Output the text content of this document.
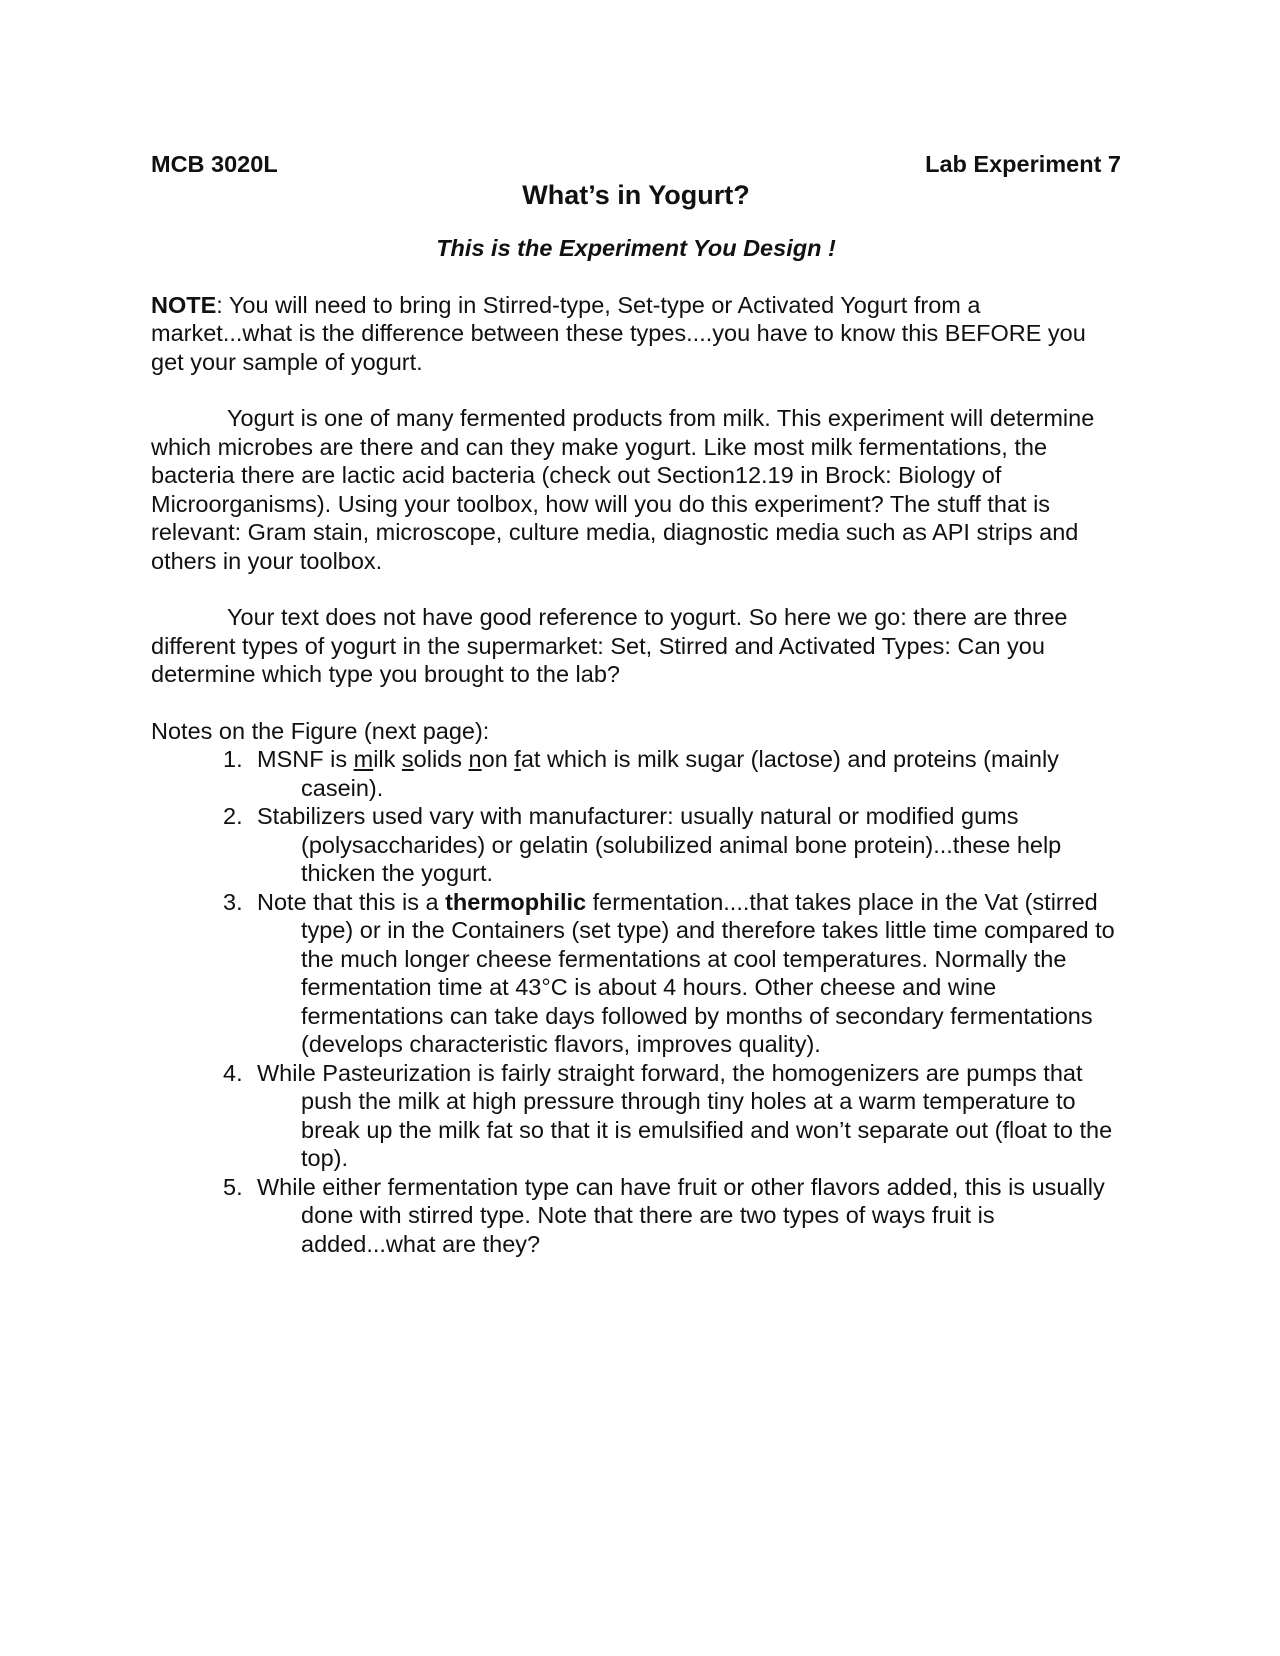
MCB 3020L	Lab Experiment 7
What’s in Yogurt?
This is the Experiment You Design !
NOTE: You will need to bring in Stirred-type, Set-type or Activated Yogurt from a market...what is the difference between these types....you have to know this BEFORE you get your sample of yogurt.
Yogurt is one of many fermented products from milk. This experiment will determine which microbes are there and can they make yogurt. Like most milk fermentations, the bacteria there are lactic acid bacteria (check out Section12.19 in Brock: Biology of Microorganisms). Using your toolbox, how will you do this experiment? The stuff that is relevant: Gram stain, microscope, culture media, diagnostic media such as API strips and others in your toolbox.
Your text does not have good reference to yogurt. So here we go: there are three different types of yogurt in the supermarket: Set, Stirred and Activated Types: Can you determine which type you brought to the lab?
Notes on the Figure (next page):
1. MSNF is milk solids non fat which is milk sugar (lactose) and proteins (mainly casein).
2. Stabilizers used vary with manufacturer: usually natural or modified gums (polysaccharides) or gelatin (solubilized animal bone protein)...these help thicken the yogurt.
3. Note that this is a thermophilic fermentation....that takes place in the Vat (stirred type) or in the Containers (set type) and therefore takes little time compared to the much longer cheese fermentations at cool temperatures. Normally the fermentation time at 43°C is about 4 hours. Other cheese and wine fermentations can take days followed by months of secondary fermentations (develops characteristic flavors, improves quality).
4. While Pasteurization is fairly straight forward, the homogenizers are pumps that push the milk at high pressure through tiny holes at a warm temperature to break up the milk fat so that it is emulsified and won’t separate out (float to the top).
5. While either fermentation type can have fruit or other flavors added, this is usually done with stirred type. Note that there are two types of ways fruit is added...what are they?
